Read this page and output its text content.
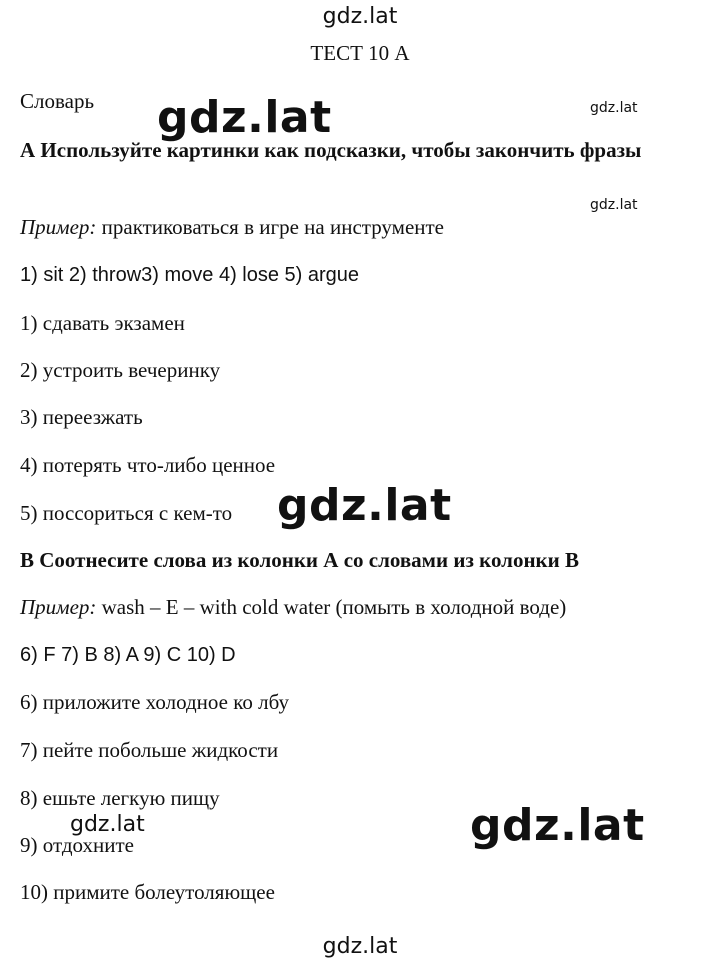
gdz.lat
gdz.lat
gdz.lat
gdz.lat
gdz.lat
gdz.lat	gdz.lat
gdz.lat
ТЕСТ 10 А
Словарь
А Используйте картинки как подсказки, чтобы закончить фразы
Пример: практиковаться в игре на инструменте
1) sit 2) throw3) move 4) lose 5) argue
1) сдавать экзамен
2) устроить вечеринку
3) переезжать
4) потерять что-либо ценное
5) поссориться с кем-то
В Соотнесите слова из колонки А со словами из колонки В
Пример: wash – E – with cold water (помыть в холодной воде)
6) F 7) B 8) A 9) C 10) D
6) приложите холодное ко лбу
7) пейте побольше жидкости
8) ешьте легкую пищу
9) отдохните
10) примите болеутоляющее
